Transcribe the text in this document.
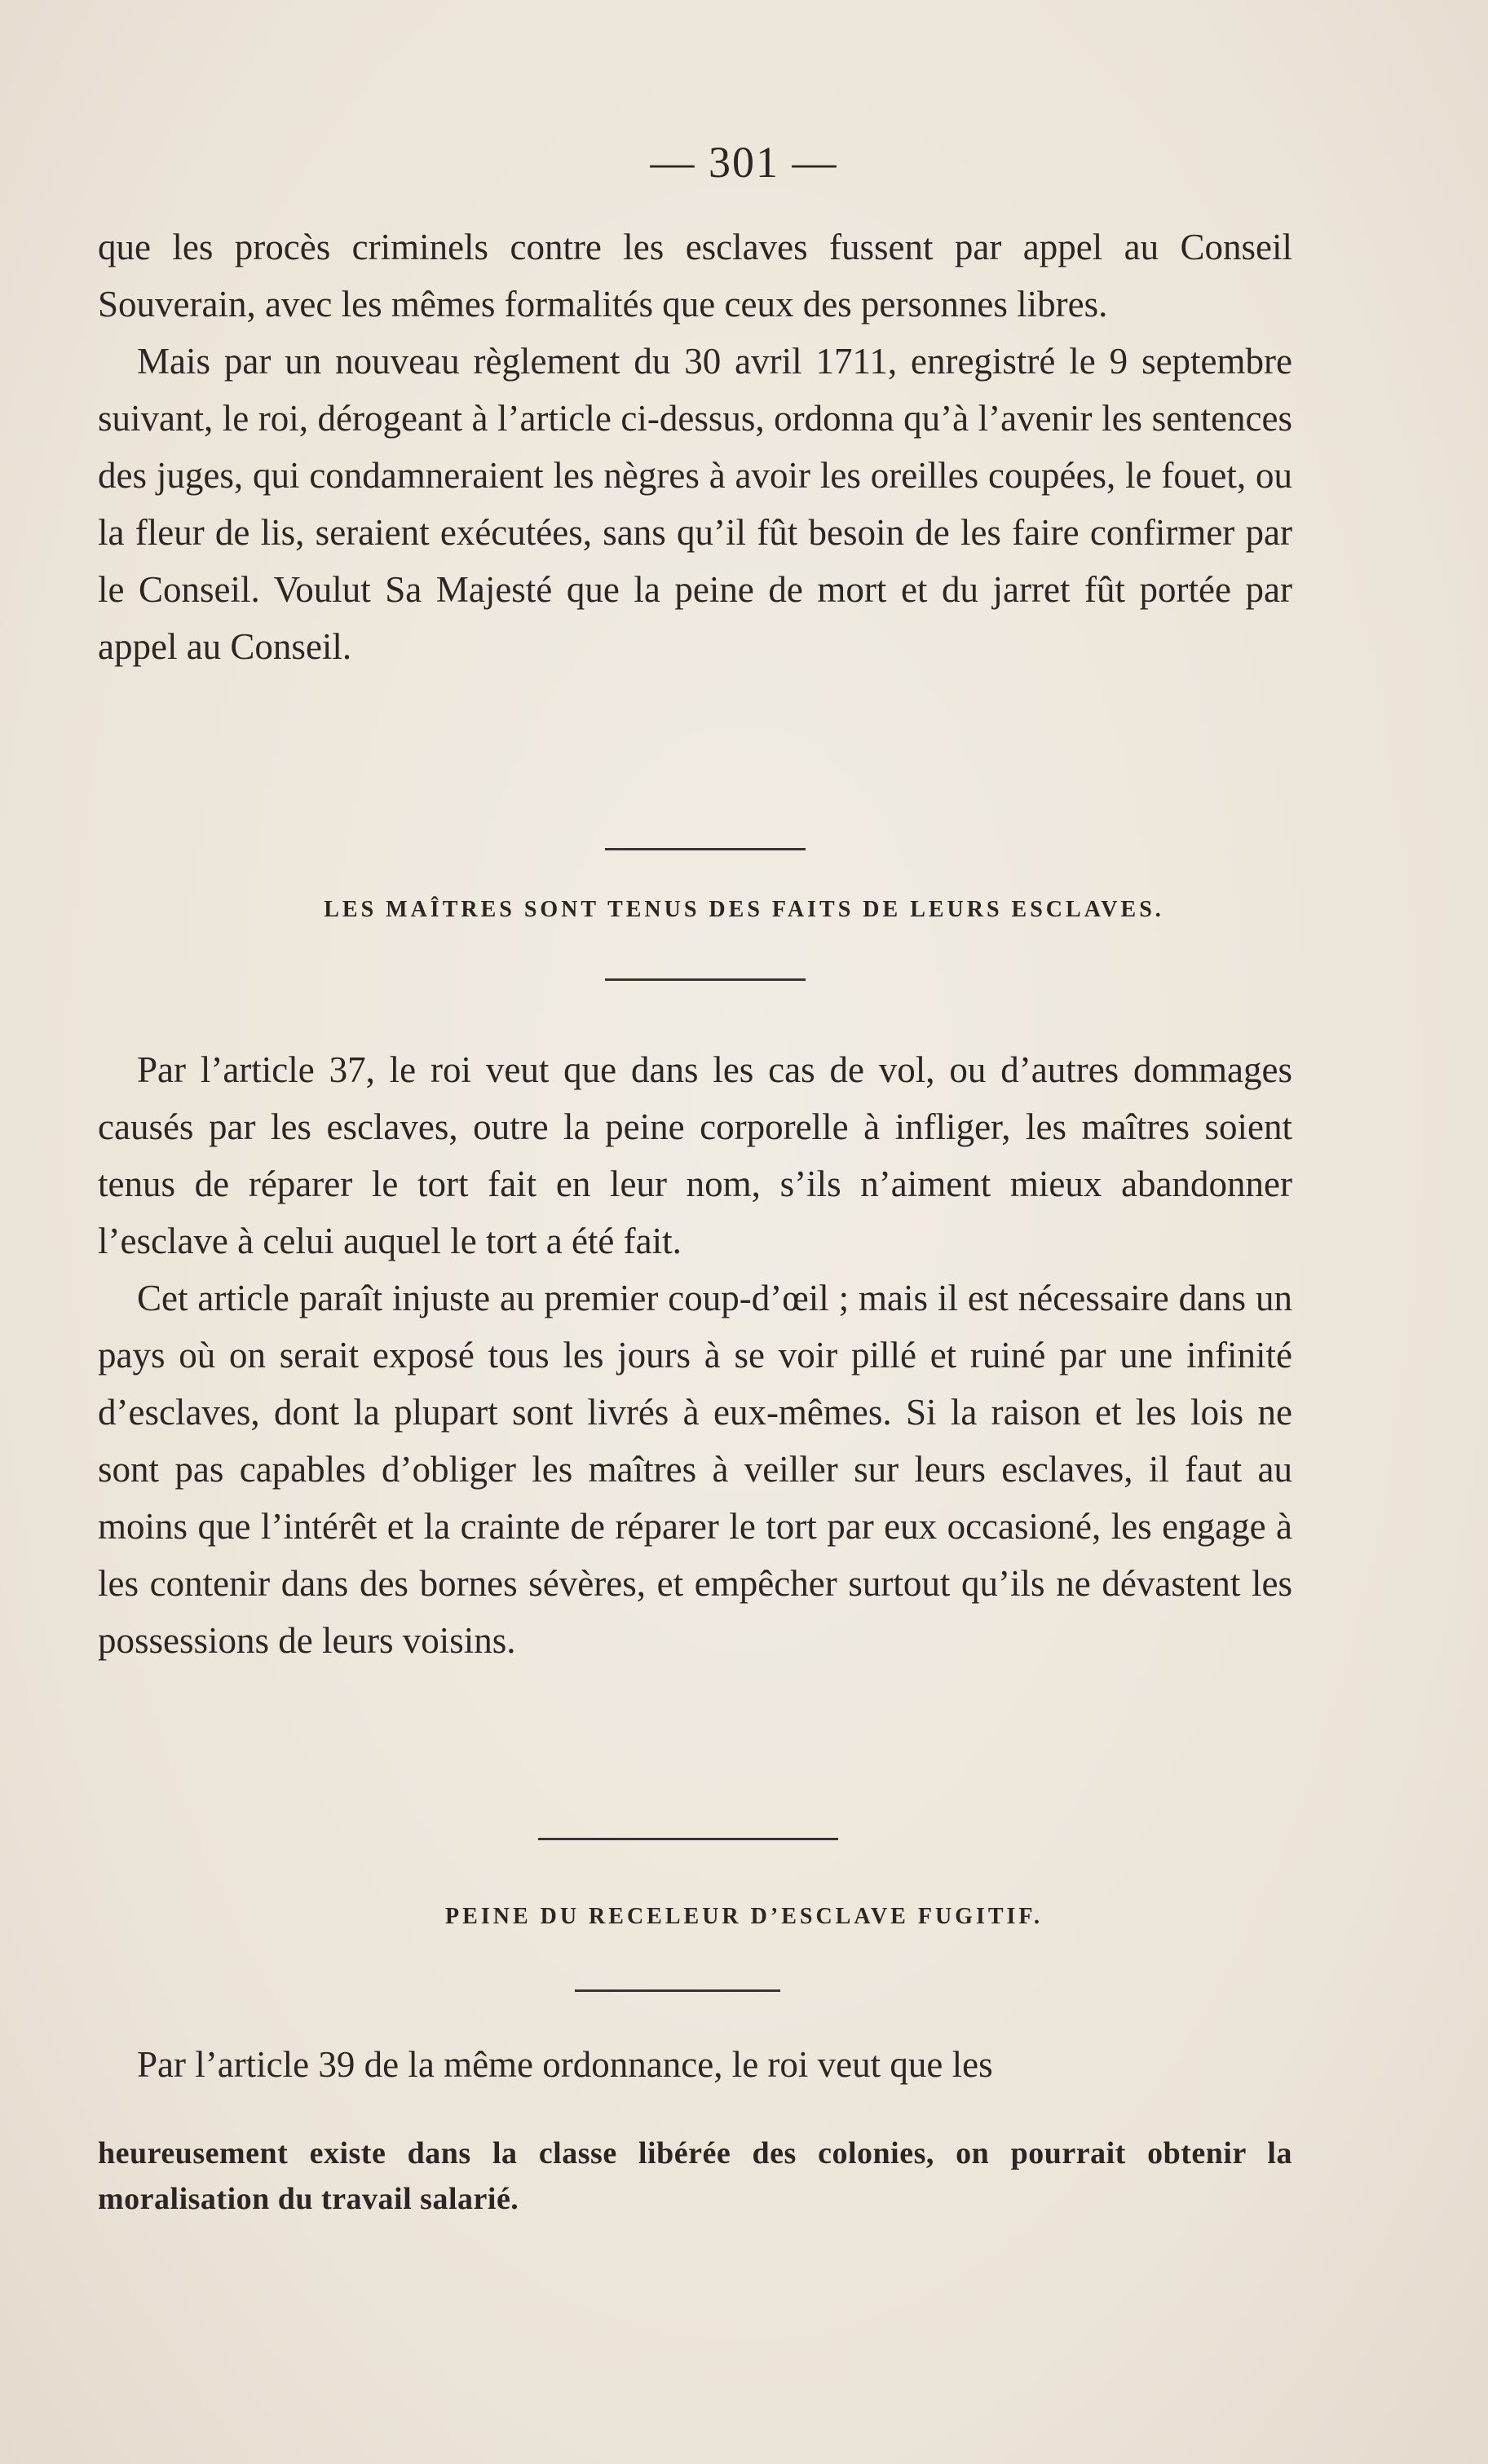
— 301 —

que les procès criminels contre les esclaves fussent par appel au Conseil Souverain, avec les mêmes formalités que ceux des personnes libres.

Mais par un nouveau règlement du 30 avril 1711, enregistré le 9 septembre suivant, le roi, dérogeant à l’article ci-dessus, ordonna qu’à l’avenir les sentences des juges, qui condamneraient les nègres à avoir les oreilles coupées, le fouet, ou la fleur de lis, seraient exécutées, sans qu’il fût besoin de les faire confirmer par le Conseil. Voulut Sa Majesté que la peine de mort et du jarret fût portée par appel au Conseil.

LES MAÎTRES SONT TENUS DES FAITS DE LEURS ESCLAVES.

Par l’article 37, le roi veut que dans les cas de vol, ou d’autres dommages causés par les esclaves, outre la peine corporelle à infliger, les maîtres soient tenus de réparer le tort fait en leur nom, s’ils n’aiment mieux abandonner l’esclave à celui auquel le tort a été fait.

Cet article paraît injuste au premier coup-d’œil ; mais il est nécessaire dans un pays où on serait exposé tous les jours à se voir pillé et ruiné par une infinité d’esclaves, dont la plupart sont livrés à eux-mêmes. Si la raison et les lois ne sont pas capables d’obliger les maîtres à veiller sur leurs esclaves, il faut au moins que l’intérêt et la crainte de réparer le tort par eux occasioné, les engage à les contenir dans des bornes sévères, et empêcher surtout qu’ils ne dévastent les possessions de leurs voisins.

PEINE DU RECELEUR D’ESCLAVE FUGITIF.

Par l’article 39 de la même ordonnance, le roi veut que les

heureusement existe dans la classe libérée des colonies, on pourrait obtenir la moralisation du travail salarié.
